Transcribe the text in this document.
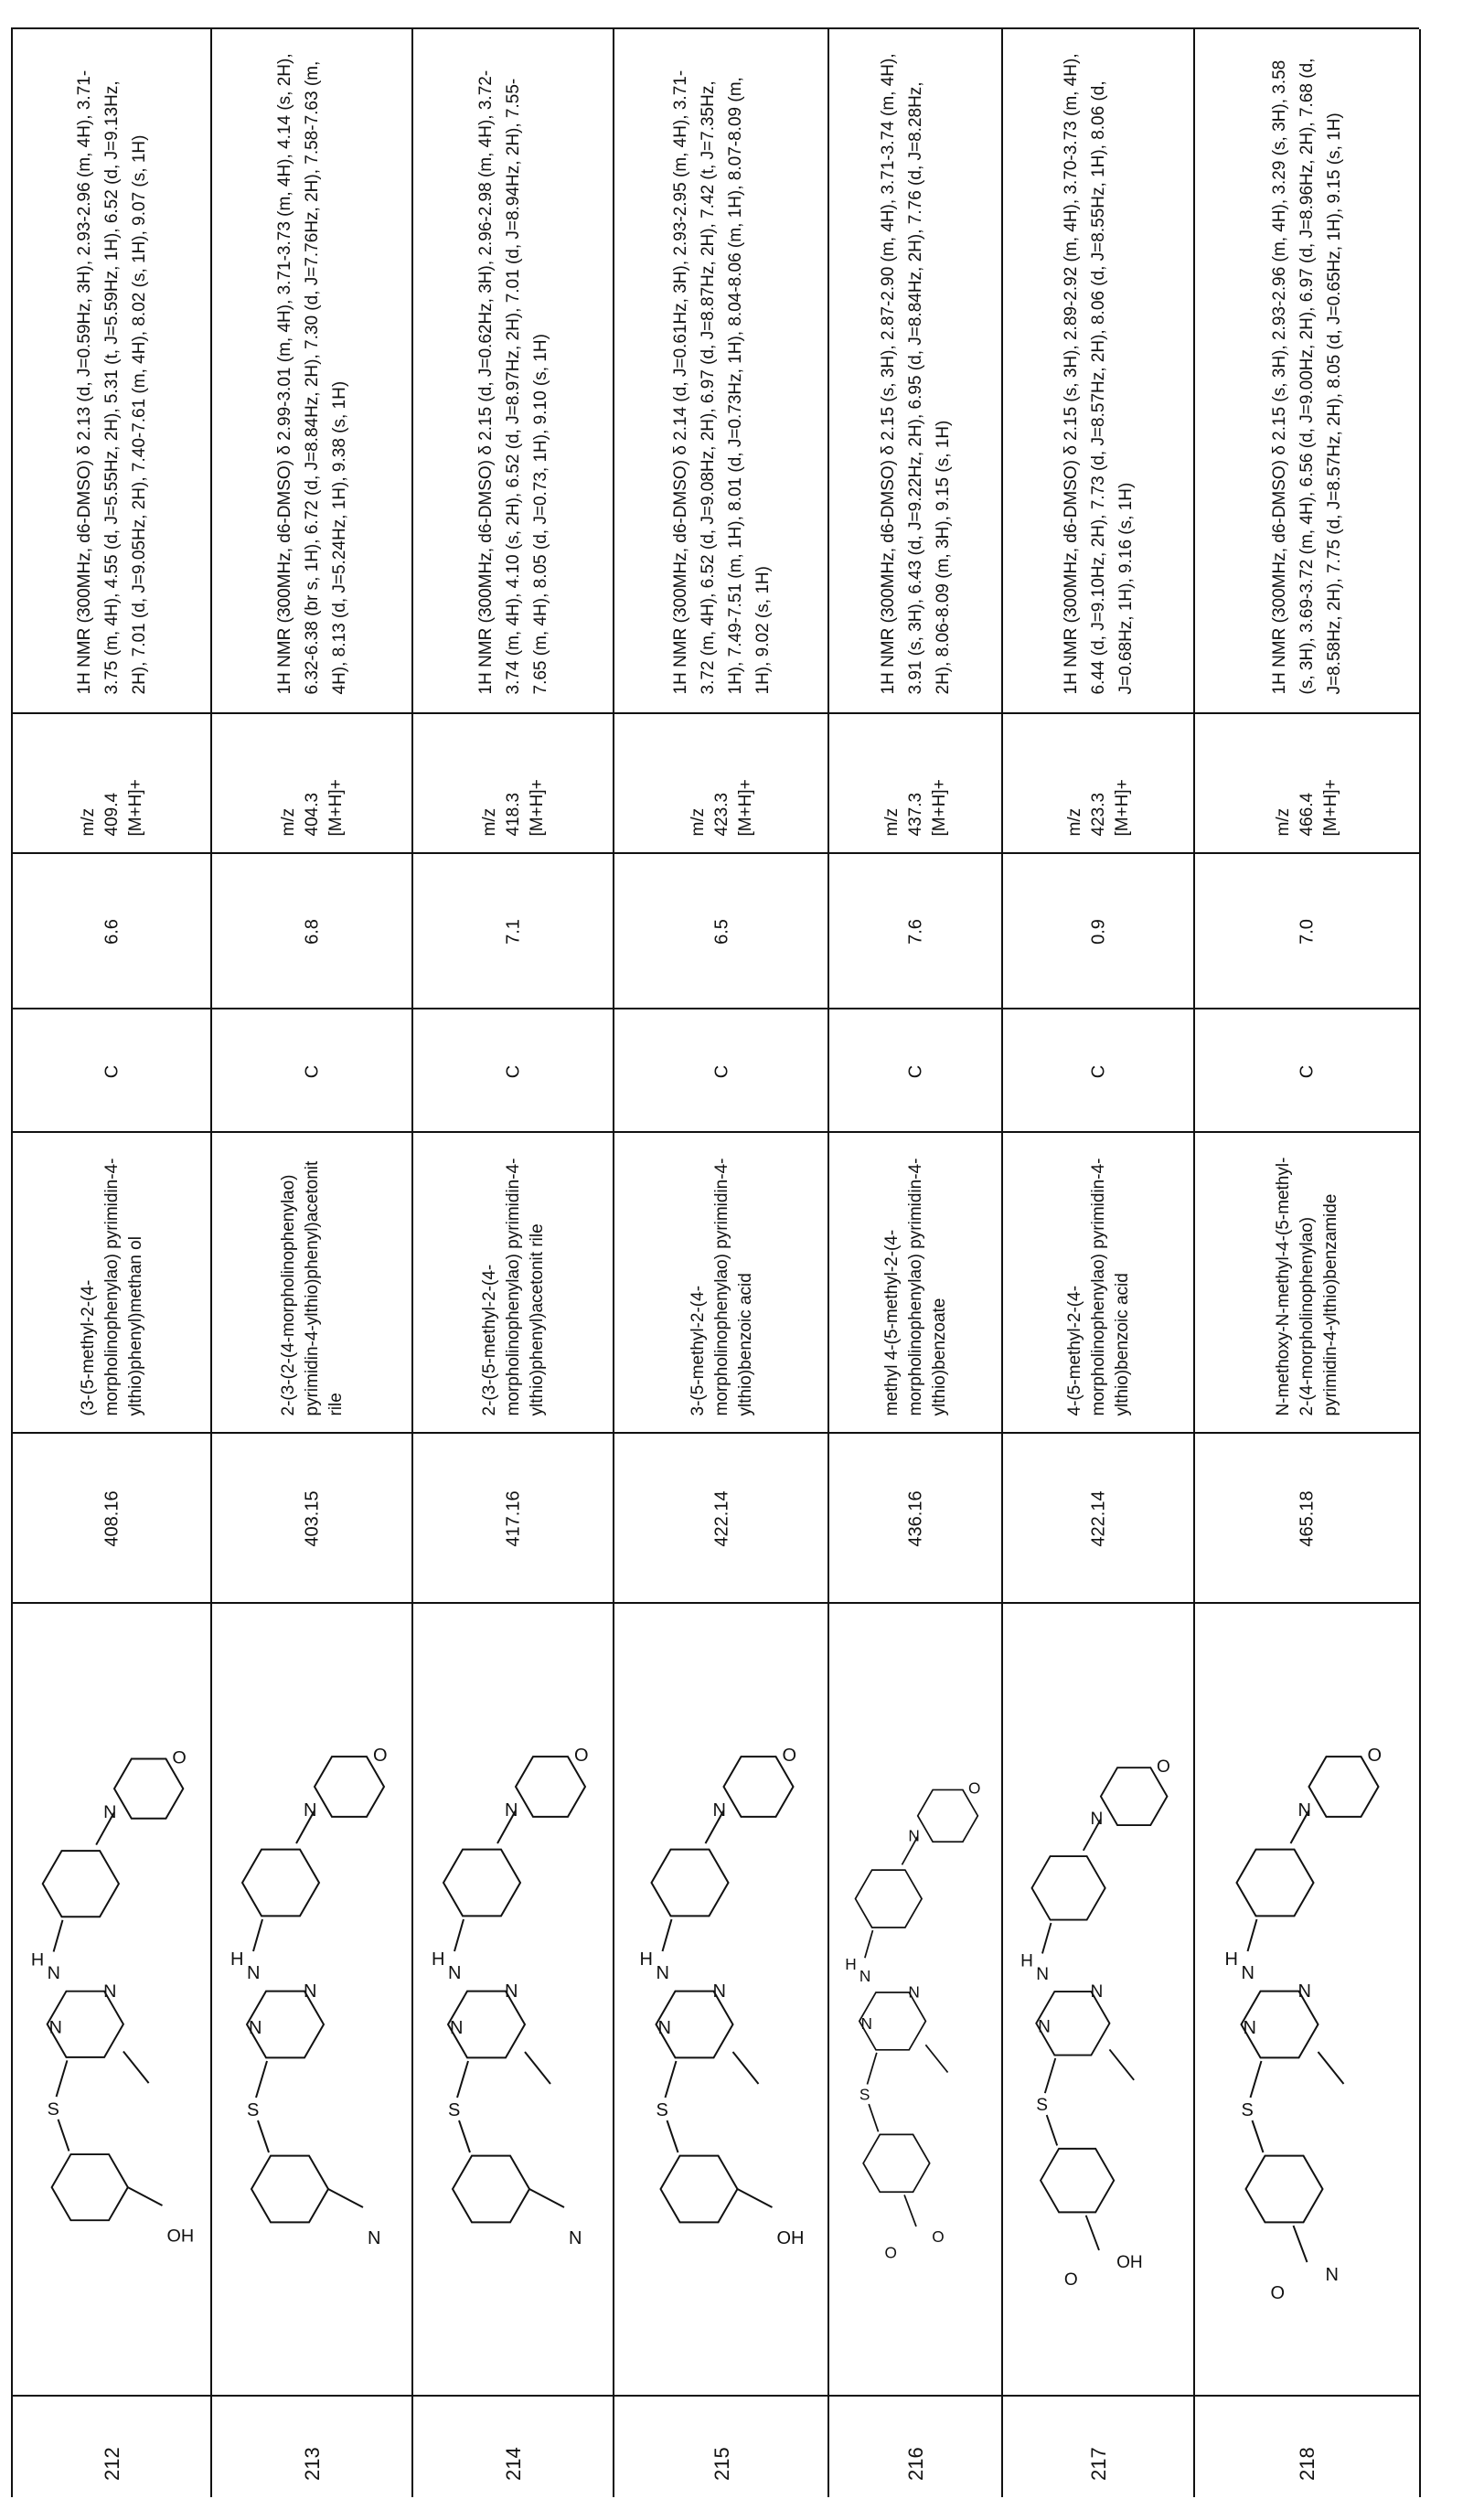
1H NMR (300MHz, d6-DMSO) δ 2.13 (d, J=0.59Hz, 3H), 2.93-2.96 (m, 4H), 3.71-3.75 (m, 4H), 4.55 (d, J=5.55Hz, 2H), 5.31 (t, J=5.59Hz, 1H), 6.52 (d, J=9.13Hz, 2H), 7.01 (d, J=9.05Hz, 2H), 7.40-7.61 (m, 4H), 8.02 (s, 1H), 9.07 (s, 1H)
m/z 409.4 [M+H]+
6.6
C
(3-(5-methyl-2-(4-morpholinophenylao) pyrimidin-4-ylthio)phenyl)methan ol
408.16
O
N
H
N
N
N
S
OH
212
1H NMR (300MHz, d6-DMSO) δ 2.99-3.01 (m, 4H), 3.71-3.73 (m, 4H), 4.14 (s, 2H), 6.32-6.38 (br s, 1H), 6.72 (d, J=8.84Hz, 2H), 7.30 (d, J=7.76Hz, 2H), 7.58-7.63 (m, 4H), 8.13 (d, J=5.24Hz, 1H), 9.38 (s, 1H)
m/z 404.3 [M+H]+
6.8
C
2-(3-(2-(4-morpholinophenylao) pyrimidin-4-ylthio)phenyl)acetonit rile
403.15
O
N
H
N
N
N
S
N
213
1H NMR (300MHz, d6-DMSO) δ 2.15 (d, J=0.62Hz, 3H), 2.96-2.98 (m, 4H), 3.72-3.74 (m, 4H), 4.10 (s, 2H), 6.52 (d, J=8.97Hz, 2H), 7.01 (d, J=8.94Hz, 2H), 7.55-7.65 (m, 4H), 8.05 (d, J=0.73, 1H), 9.10 (s, 1H)
m/z 418.3 [M+H]+
7.1
C
2-(3-(5-methyl-2-(4-morpholinophenylao) pyrimidin-4-ylthio)phenyl)acetonit rile
417.16
O
N
H
N
N
N
S
N
214
1H NMR (300MHz, d6-DMSO) δ 2.14 (d, J=0.61Hz, 3H), 2.93-2.95 (m, 4H), 3.71-3.72 (m, 4H), 6.52 (d, J=9.08Hz, 2H), 6.97 (d, J=8.87Hz, 2H), 7.42 (t, J=7.35Hz, 1H), 7.49-7.51 (m, 1H), 8.01 (d, J=0.73Hz, 1H), 8.04-8.06 (m, 1H), 8.07-8.09 (m, 1H), 9.02 (s, 1H)
m/z 423.3 [M+H]+
6.5
C
3-(5-methyl-2-(4-morpholinophenylao) pyrimidin-4-ylthio)benzoic acid
422.14
O
N
H
N
N
N
S
OH
215
1H NMR (300MHz, d6-DMSO) δ 2.15 (s, 3H), 2.87-2.90 (m, 4H), 3.71-3.74 (m, 4H), 3.91 (s, 3H), 6.43 (d, J=9.22Hz, 2H), 6.95 (d, J=8.84Hz, 2H), 7.76 (d, J=8.28Hz, 2H), 8.06-8.09 (m, 3H), 9.15 (s, 1H)
m/z 437.3 [M+H]+
7.6
C
methyl 4-(5-methyl-2-(4-morpholinophenylao) pyrimidin-4-ylthio)benzoate
436.16
O
N
H
N
N
N
S
O
O
216
1H NMR (300MHz, d6-DMSO) δ 2.15 (s, 3H), 2.89-2.92 (m, 4H), 3.70-3.73 (m, 4H), 6.44 (d, J=9.10Hz, 2H), 7.73 (d, J=8.57Hz, 2H), 8.06 (d, J=8.55Hz, 1H), 8.06 (d, J=0.68Hz, 1H), 9.16 (s, 1H)
m/z 423.3 [M+H]+
0.9
C
4-(5-methyl-2-(4-morpholinophenylao) pyrimidin-4-ylthio)benzoic acid
422.14
O
N
H
N
N
N
S
O
OH
217
1H NMR (300MHz, d6-DMSO) δ 2.15 (s, 3H), 2.93-2.96 (m, 4H), 3.29 (s, 3H), 3.58 (s, 3H), 3.69-3.72 (m, 4H), 6.56 (d, J=9.00Hz, 2H), 6.97 (d, J=8.96Hz, 2H), 7.68 (d, J=8.58Hz, 2H), 7.75 (d, J=8.57Hz, 2H), 8.05 (d, J=0.65Hz, 1H), 9.15 (s, 1H)
m/z 466.4 [M+H]+
7.0
C
N-methoxy-N-methyl-4-(5-methyl-2-(4-morpholinophenylao) pyrimidin-4-ylthio)benzamide
465.18
O
N
H
N
N
N
S
O
N
218
